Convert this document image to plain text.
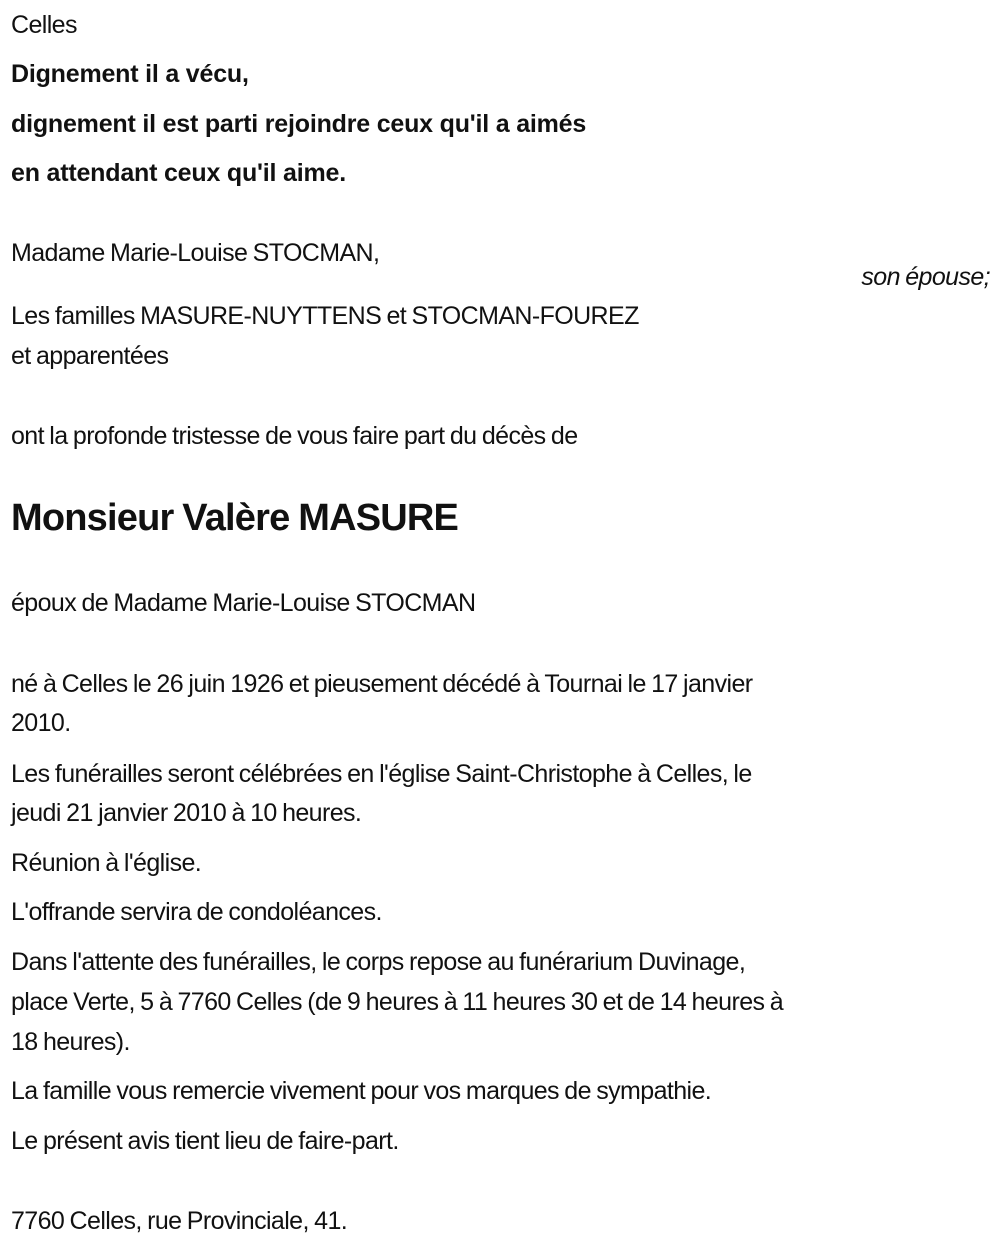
Celles
Dignement il a vécu,
dignement il est parti rejoindre ceux qu'il a aimés
en attendant ceux qu'il aime.
Madame Marie-Louise STOCMAN,
son épouse;
Les familles MASURE-NUYTTENS et STOCMAN-FOUREZ
et apparentées
ont la profonde tristesse de vous faire part du décès de
Monsieur Valère MASURE
époux de Madame Marie-Louise STOCMAN
né à Celles le 26 juin 1926 et pieusement décédé à Tournai le 17 janvier
2010.
Les funérailles seront célébrées en l'église Saint-Christophe à Celles, le
jeudi 21 janvier 2010 à 10 heures.
Réunion à l'église.
L'offrande servira de condoléances.
Dans l'attente des funérailles, le corps repose au funérarium Duvinage,
place Verte, 5 à 7760 Celles (de 9 heures à 11 heures 30 et de 14 heures à
18 heures).
La famille vous remercie vivement pour vos marques de sympathie.
Le présent avis tient lieu de faire-part.
7760 Celles, rue Provinciale, 41.
